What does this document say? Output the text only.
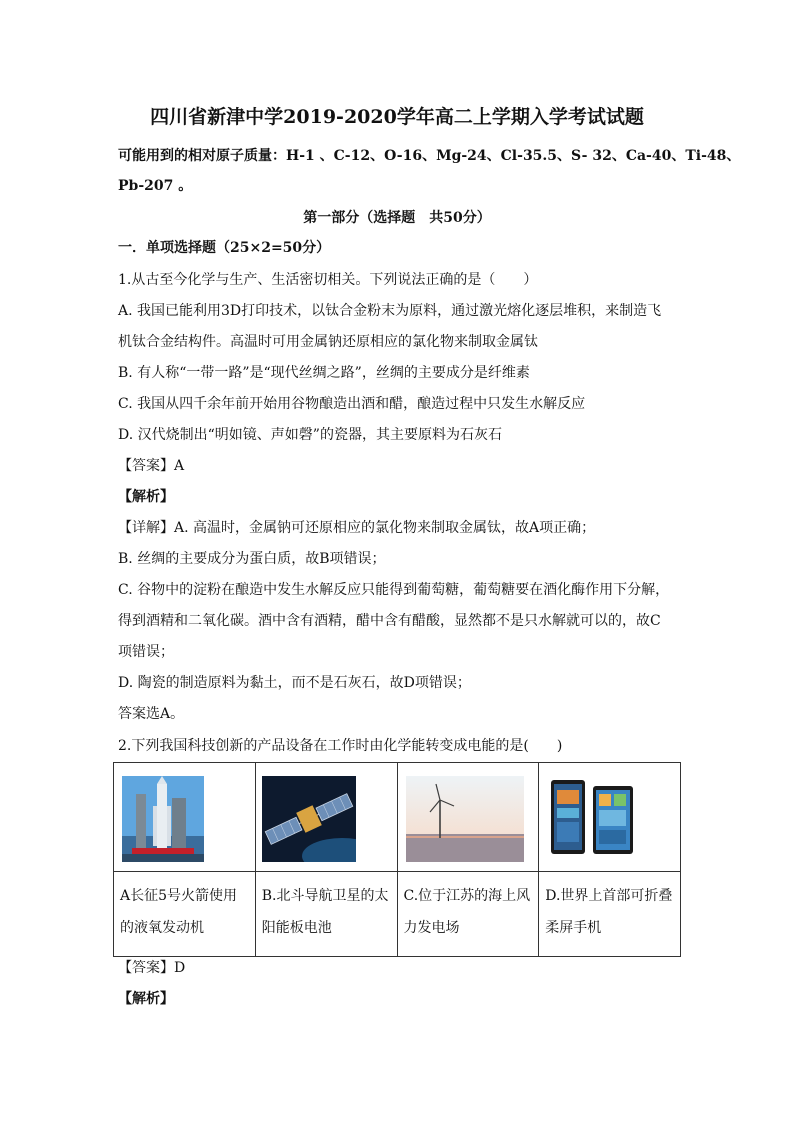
四川省新津中学2019-2020学年高二上学期入学考试试题
可能用到的相对原子质量：H-1 、C-12、O-16、Mg-24、Cl-35.5、S- 32、Ca-40、Ti-48、
Pb-207 。
第一部分（选择题　共50分）
一．单项选择题（25×2=50分）
1.从古至今化学与生产、生活密切相关。下列说法正确的是（　　）
A. 我国已能利用3D打印技术，以钛合金粉末为原料，通过激光熔化逐层堆积，来制造飞
机钛合金结构件。高温时可用金属钠还原相应的氯化物来制取金属钛
B. 有人称“一带一路”是“现代丝绸之路”，丝绸的主要成分是纤维素
C. 我国从四千余年前开始用谷物酿造出酒和醋，酿造过程中只发生水解反应
D. 汉代烧制出“明如镜、声如磬”的瓷器，其主要原料为石灰石
【答案】A
【解析】
【详解】A. 高温时，金属钠可还原相应的氯化物来制取金属钛，故A项正确；
B. 丝绸的主要成分为蛋白质，故B项错误；
C. 谷物中的淀粉在酿造中发生水解反应只能得到葡萄糖，葡萄糖要在酒化酶作用下分解，
得到酒精和二氧化碳。酒中含有酒精，醋中含有醋酸，显然都不是只水解就可以的，故C
项错误；
D. 陶瓷的制造原料为黏土，而不是石灰石，故D项错误；
答案选A。
2.下列我国科技创新的产品设备在工作时由化学能转变成电能的是(　　)

A长征5号火箭使用的液氧发动机	B.北斗导航卫星的太阳能板电池	C.位于江苏的海上风力发电场	D.世界上首部可折叠柔屏手机
【答案】D
【解析】
